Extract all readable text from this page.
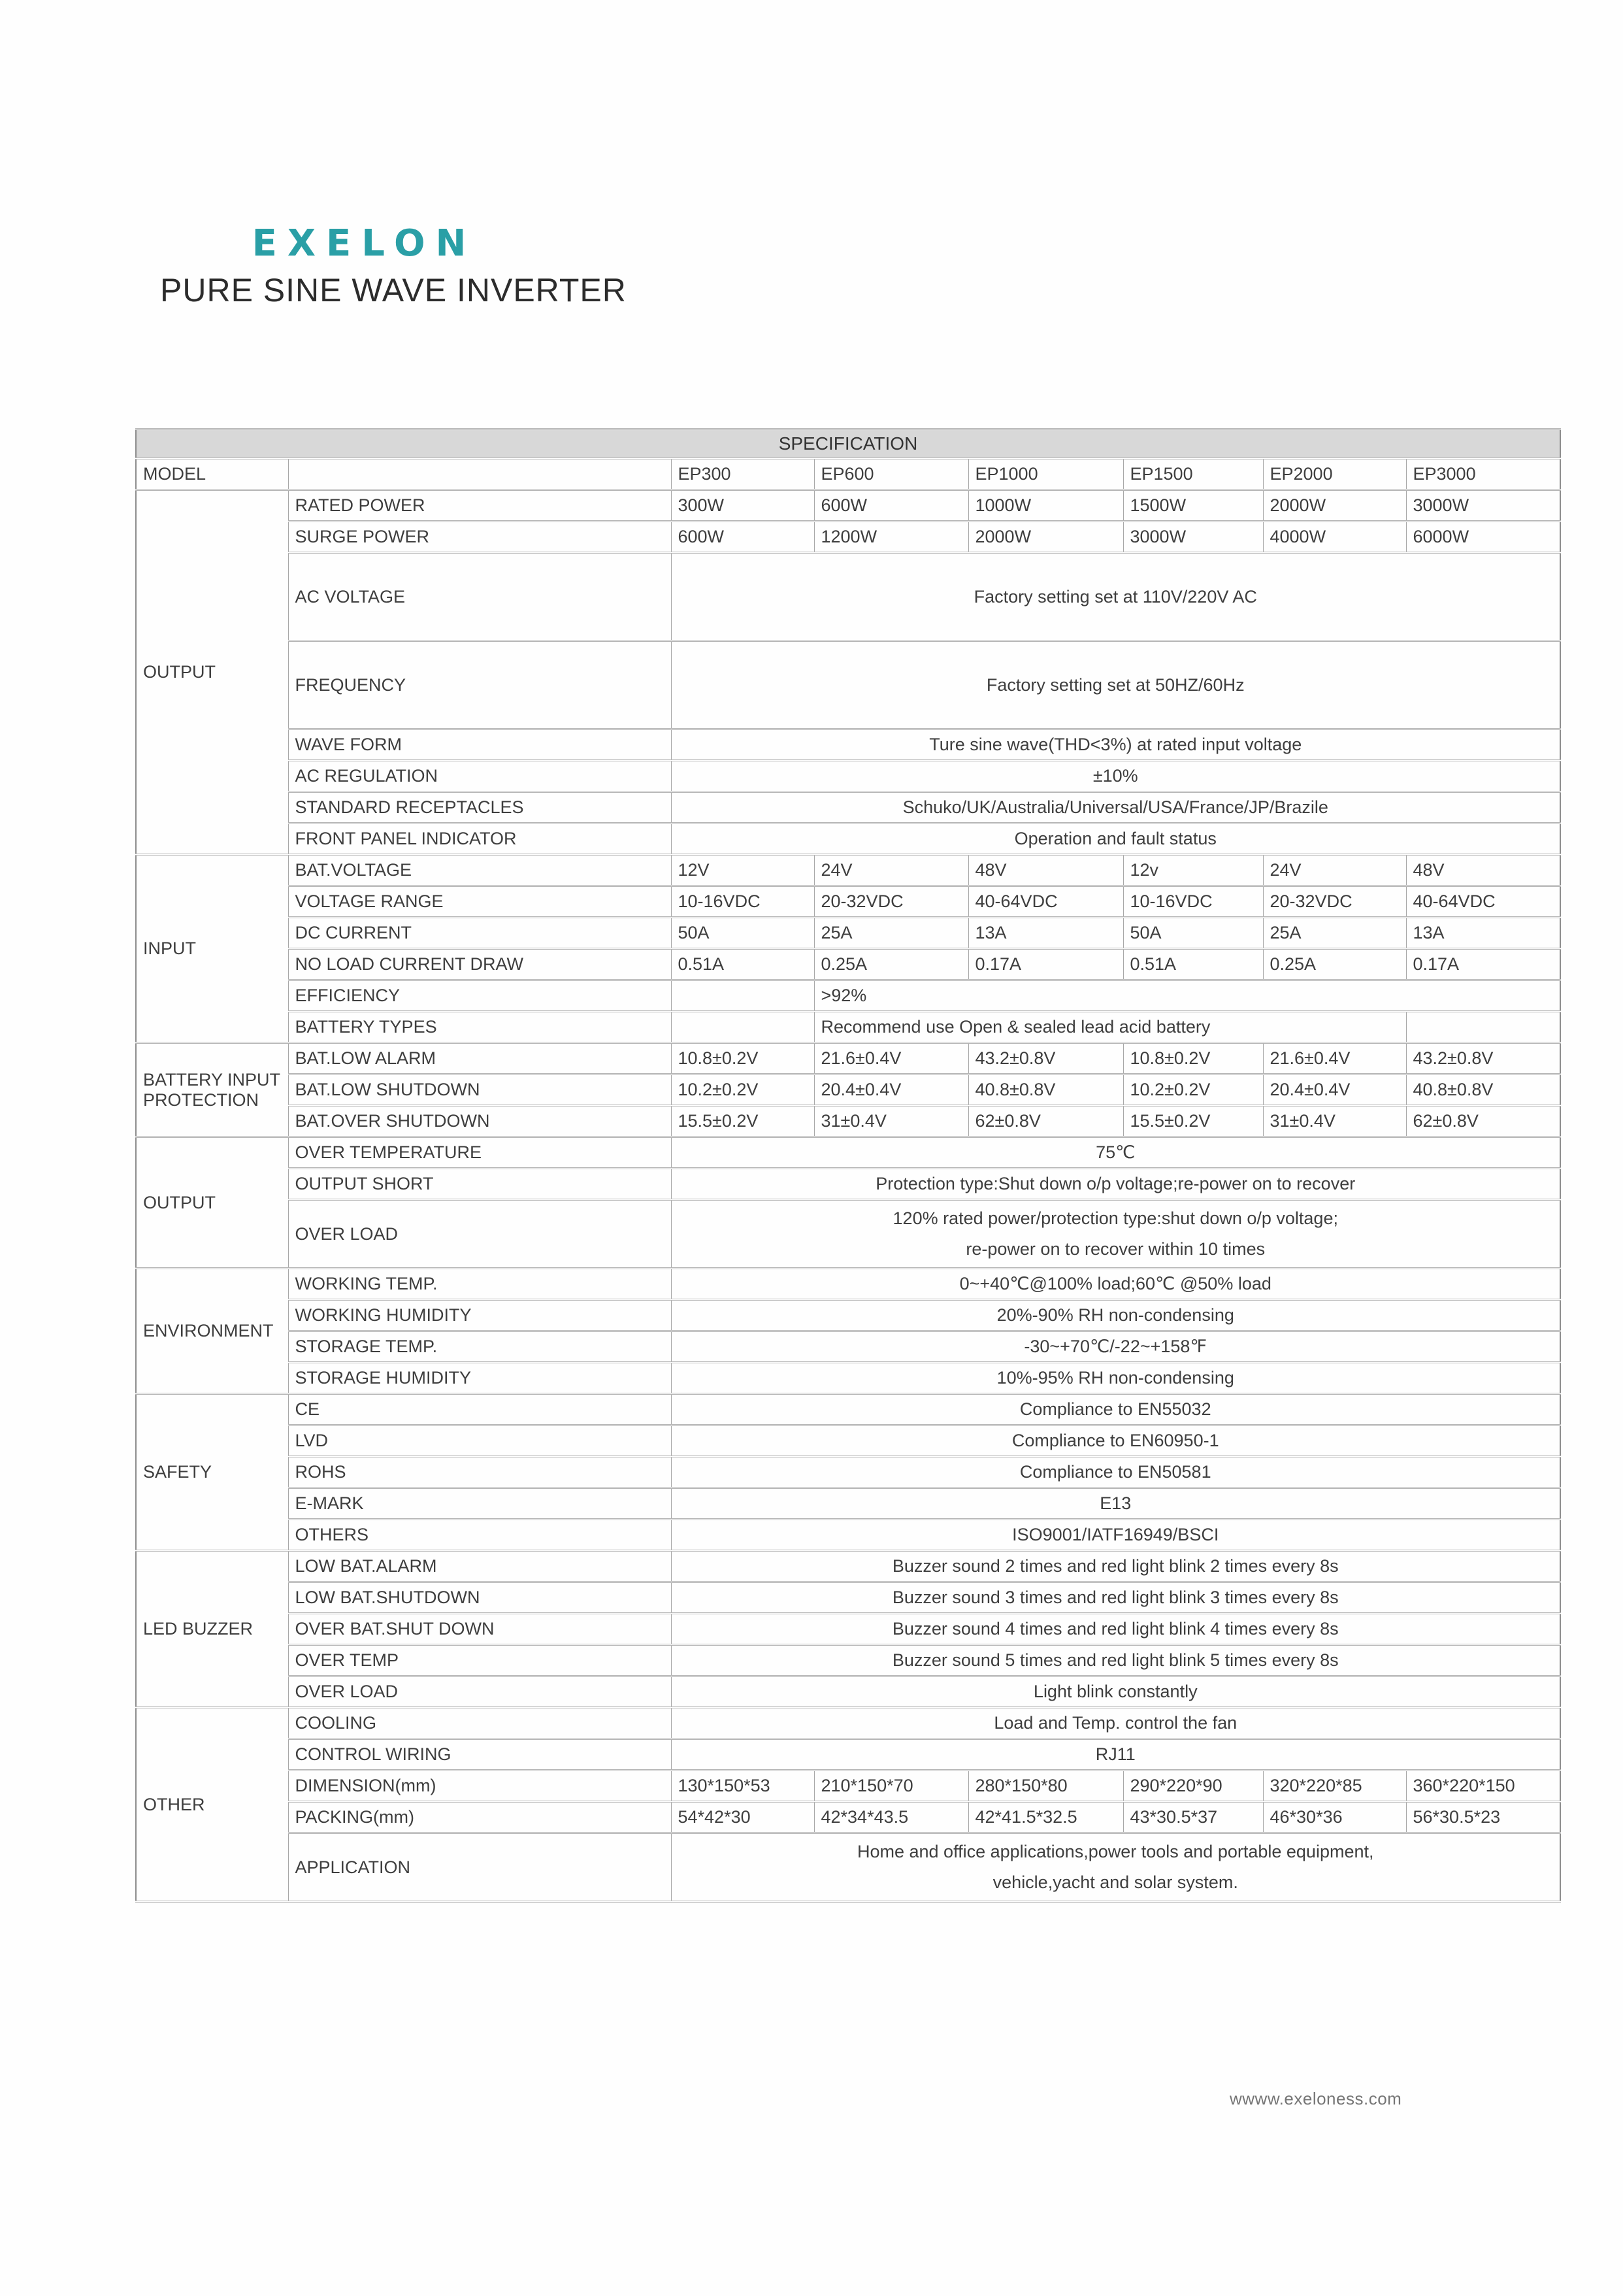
EXELON
PURE SINE WAVE INVERTER
SPECIFICATION							
MODEL		EP300	EP600	EP1000	EP1500	EP2000	EP3000
OUTPUT	RATED POWER	300W	600W	1000W	1500W	2000W	3000W
	SURGE POWER	600W	1200W	2000W	3000W	4000W	6000W
	AC VOLTAGE	Factory setting set at 110V/220V AC					
	FREQUENCY	Factory setting set at 50HZ/60Hz					
	WAVE FORM	Ture sine wave(THD<3%) at rated input voltage					
	AC REGULATION	±10%					
	STANDARD RECEPTACLES	Schuko/UK/Australia/Universal/USA/France/JP/Brazile					
	FRONT PANEL INDICATOR	Operation and fault status					
INPUT	BAT.VOLTAGE	12V	24V	48V	12v	24V	48V
	VOLTAGE RANGE	10-16VDC	20-32VDC	40-64VDC	10-16VDC	20-32VDC	40-64VDC
	DC CURRENT	50A	25A	13A	50A	25A	13A
	NO LOAD CURRENT DRAW	0.51A	0.25A	0.17A	0.51A	0.25A	0.17A
	EFFICIENCY		>92%				
	BATTERY TYPES		Recommend use Open & sealed lead acid battery				
BATTERY INPUT PROTECTION	BAT.LOW ALARM	10.8±0.2V	21.6±0.4V	43.2±0.8V	10.8±0.2V	21.6±0.4V	43.2±0.8V
	BAT.LOW SHUTDOWN	10.2±0.2V	20.4±0.4V	40.8±0.8V	10.2±0.2V	20.4±0.4V	40.8±0.8V
	BAT.OVER SHUTDOWN	15.5±0.2V	31±0.4V	62±0.8V	15.5±0.2V	31±0.4V	62±0.8V
OUTPUT	OVER TEMPERATURE	75℃					
	OUTPUT SHORT	Protection type:Shut down o/p voltage;re-power on to recover					
	OVER LOAD	120% rated power/protection type:shut down o/p voltage;
re-power on to recover within 10 times					

ENVIRONMENT	WORKING TEMP.	0~+40℃@100% load;60℃ @50% load					
	WORKING HUMIDITY	20%-90% RH non-condensing					
	STORAGE TEMP.	-30~+70℃/-22~+158℉					
	STORAGE HUMIDITY	10%-95% RH non-condensing					
SAFETY	CE	Compliance to EN55032					
	LVD	Compliance to EN60950-1					
	ROHS	Compliance to EN50581					
	E-MARK	E13					
	OTHERS	ISO9001/IATF16949/BSCI					
LED BUZZER	LOW BAT.ALARM	Buzzer sound 2 times and red light blink 2 times every 8s					
	LOW BAT.SHUTDOWN	Buzzer sound 3 times and red light blink 3 times every 8s					
	OVER BAT.SHUT DOWN	Buzzer sound 4 times and red light blink 4 times every 8s					
	OVER TEMP	Buzzer sound 5 times and red light blink 5 times every 8s					
	OVER LOAD	Light blink constantly					
OTHER	COOLING	Load and Temp. control the fan					
	CONTROL WIRING	RJ11					
	DIMENSION(mm)	130*150*53	210*150*70	280*150*80	290*220*90	320*220*85	360*220*150
	PACKING(mm)	54*42*30	42*34*43.5	42*41.5*32.5	43*30.5*37	46*30*36	56*30.5*23
	APPLICATION	Home and office applications,power tools and portable equipment,
vehicle,yacht and solar system.					
wwww.exeloness.com
